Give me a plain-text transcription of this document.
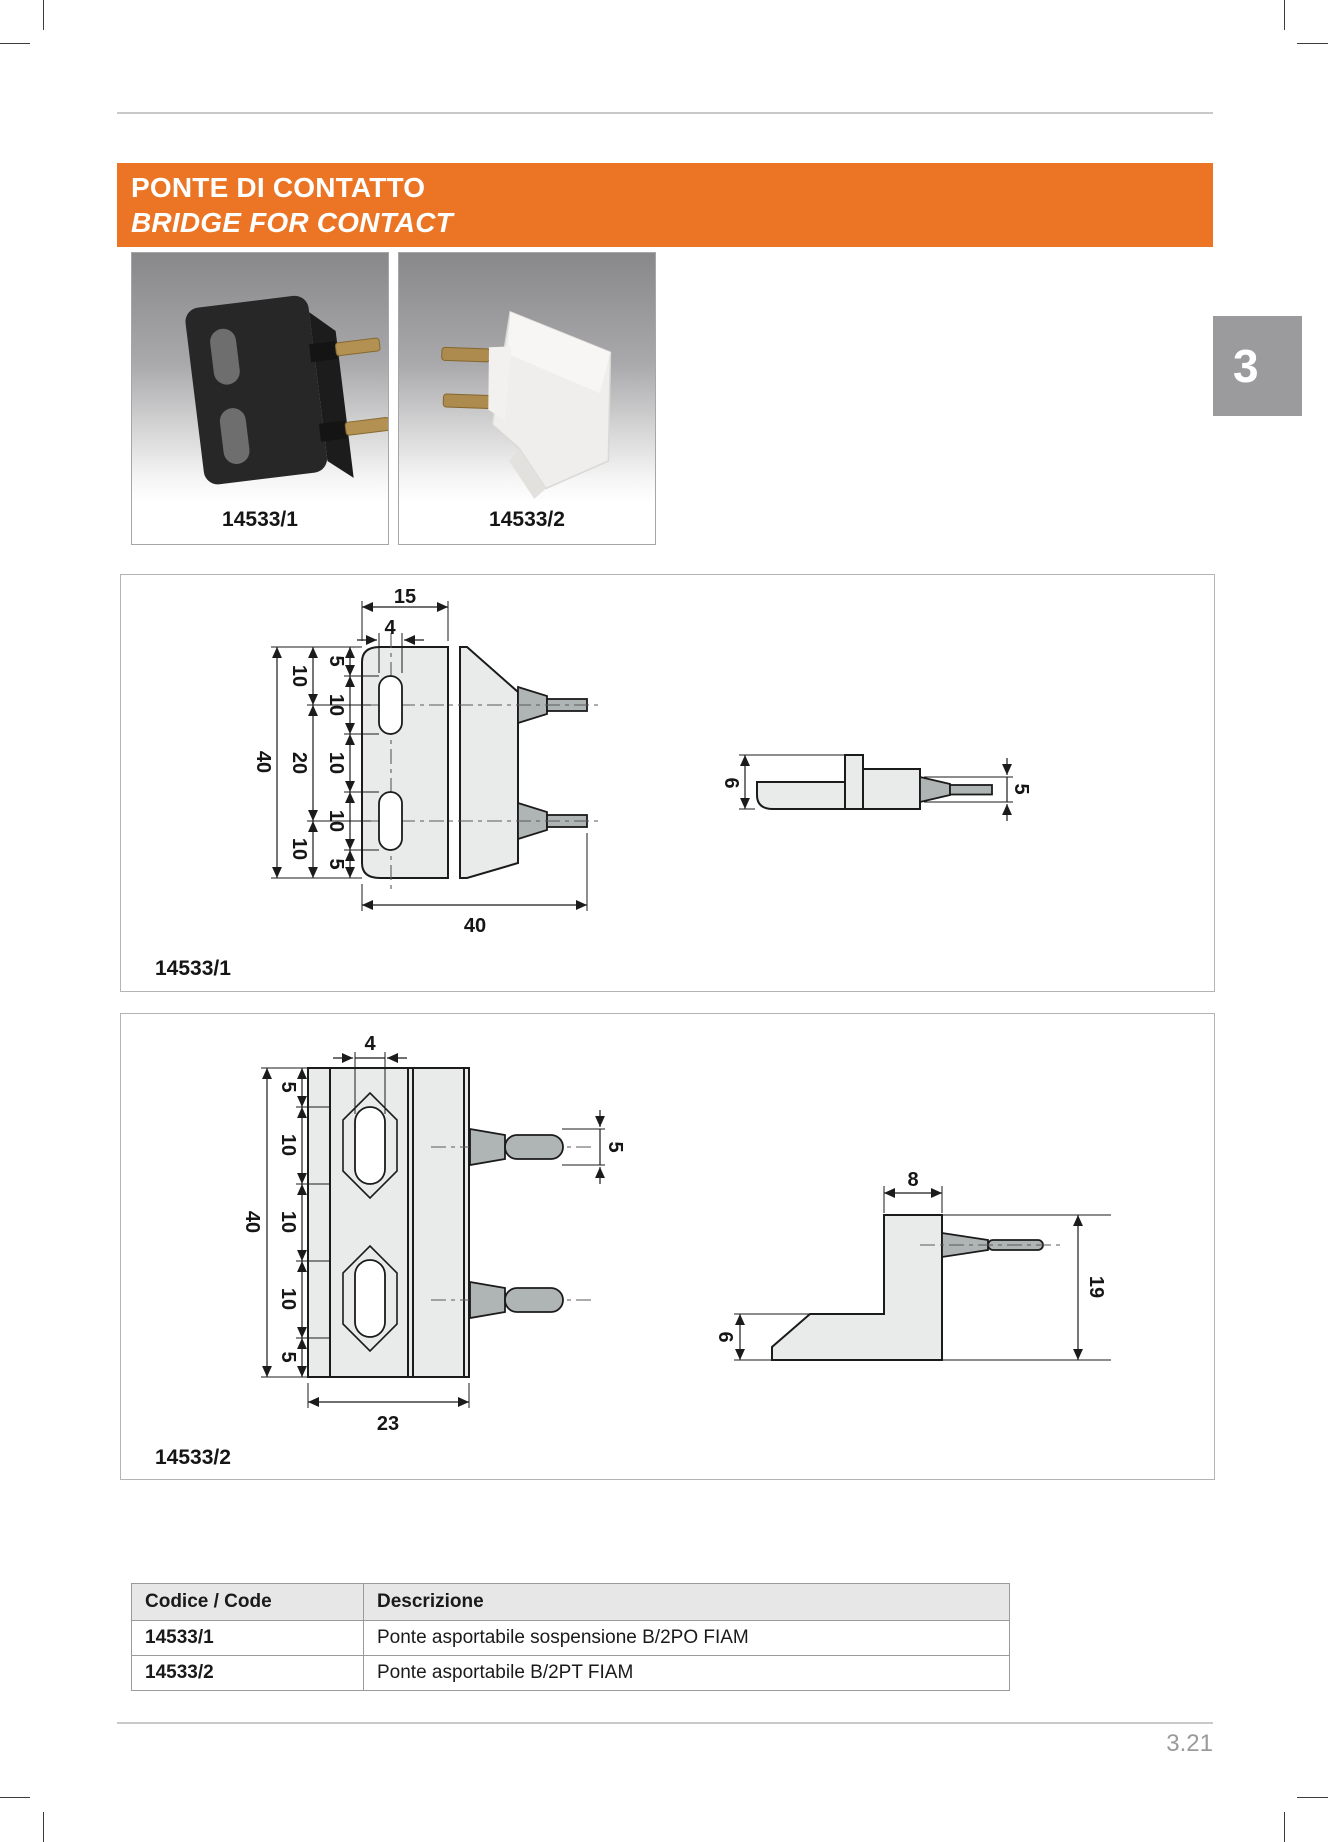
PONTE DI CONTATTO
BRIDGE FOR CONTACT
3
14533/1	14533/2
15
4
40
10
20
10
5
10
10
10
5
40
6
5
14533/1
4
40
5
10
10
10
5
5
23
8
6
19
14533/2
Codice / Code	Descrizione
14533/1	Ponte asportabile sospensione B/2PO FIAM
14533/2	Ponte asportabile B/2PT FIAM
3.21
